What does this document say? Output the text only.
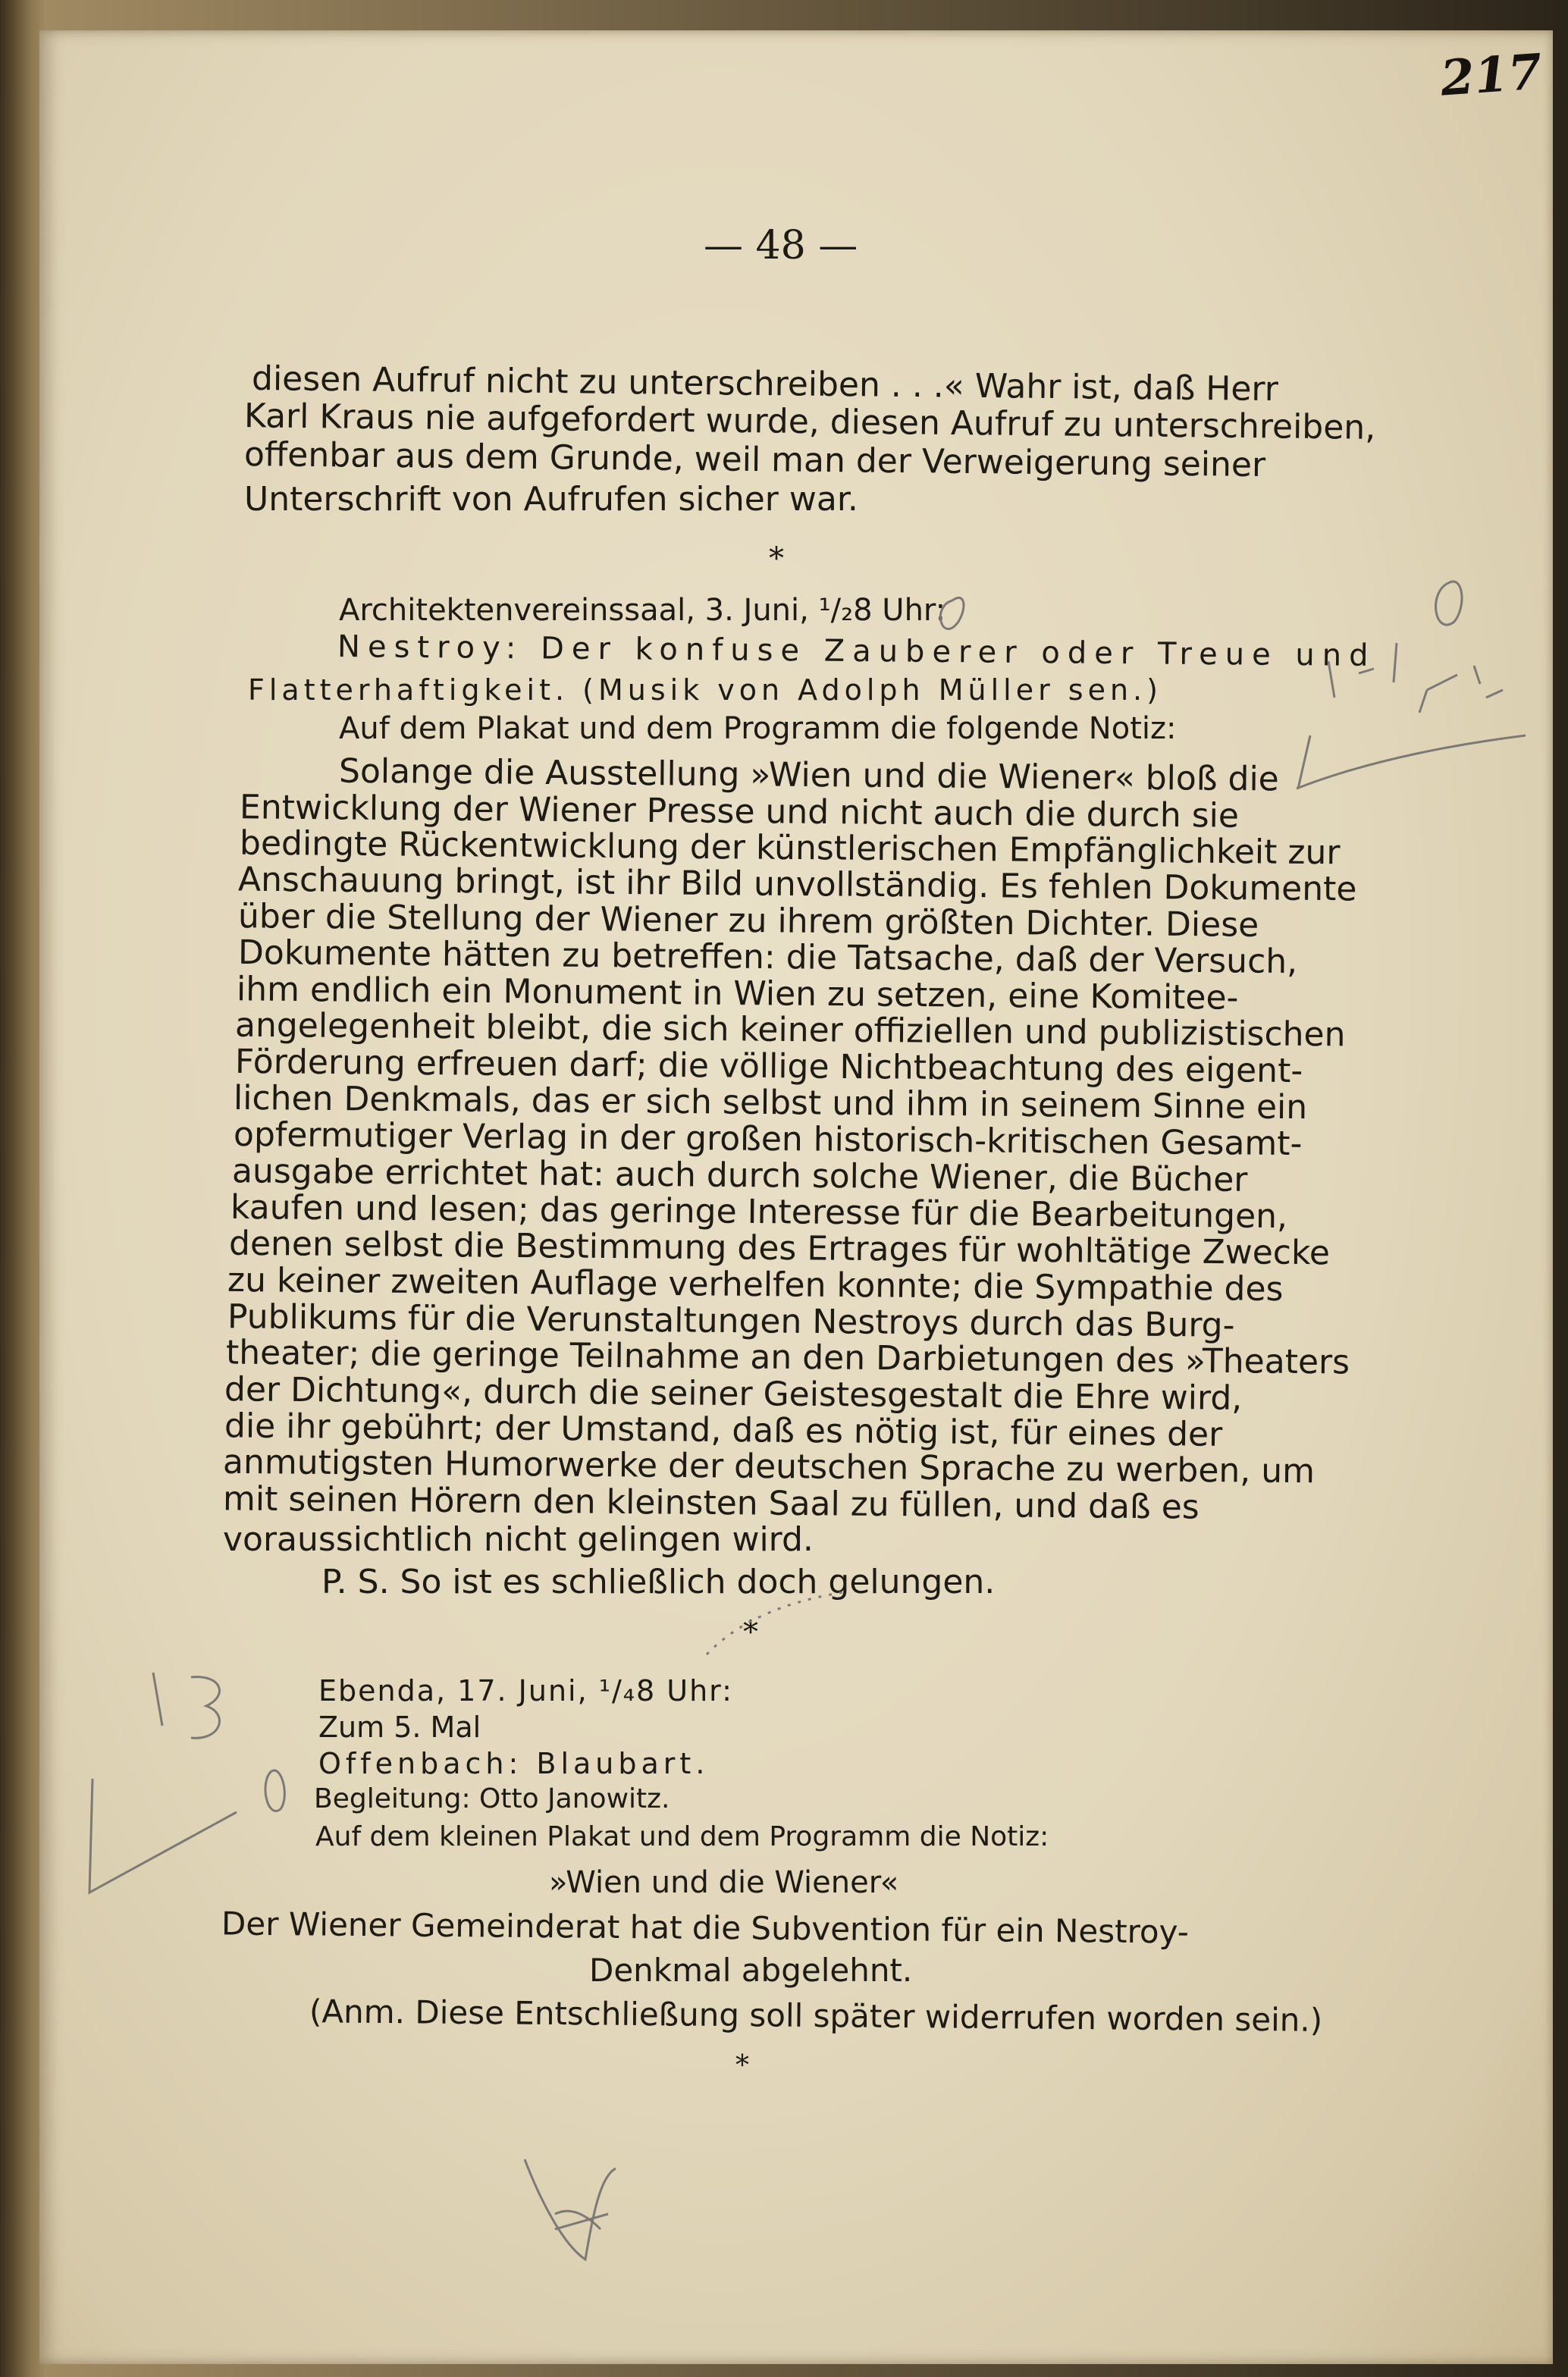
217
— 48 —
diesen Aufruf nicht zu unterschreiben . . .« Wahr ist, daß Herr
Karl Kraus nie aufgefordert wurde, diesen Aufruf zu unterschreiben,
offenbar aus dem Grunde, weil man der Verweigerung seiner
Unterschrift von Aufrufen sicher war.
*
Architektenvereinssaal, 3. Juni, ¹/₂8 Uhr:
Nestroy: Der konfuse Zauberer oder Treue und
Flatterhaftigkeit. (Musik von Adolph Müller sen.)
Auf dem Plakat und dem Programm die folgende Notiz:
Solange die Ausstellung »Wien und die Wiener« bloß die
Entwicklung der Wiener Presse und nicht auch die durch sie
bedingte Rückentwicklung der künstlerischen Empfänglichkeit zur
Anschauung bringt, ist ihr Bild unvollständig. Es fehlen Dokumente
über die Stellung der Wiener zu ihrem größten Dichter. Diese
Dokumente hätten zu betreffen: die Tatsache, daß der Versuch,
ihm endlich ein Monument in Wien zu setzen, eine Komitee-
angelegenheit bleibt, die sich keiner offiziellen und publizistischen
Förderung erfreuen darf; die völlige Nichtbeachtung des eigent-
lichen Denkmals, das er sich selbst und ihm in seinem Sinne ein
opfermutiger Verlag in der großen historisch-kritischen Gesamt-
ausgabe errichtet hat: auch durch solche Wiener, die Bücher
kaufen und lesen; das geringe Interesse für die Bearbeitungen,
denen selbst die Bestimmung des Ertrages für wohltätige Zwecke
zu keiner zweiten Auflage verhelfen konnte; die Sympathie des
Publikums für die Verunstaltungen Nestroys durch das Burg-
theater; die geringe Teilnahme an den Darbietungen des »Theaters
der Dichtung«, durch die seiner Geistesgestalt die Ehre wird,
die ihr gebührt; der Umstand, daß es nötig ist, für eines der
anmutigsten Humorwerke der deutschen Sprache zu werben, um
mit seinen Hörern den kleinsten Saal zu füllen, und daß es
voraussichtlich nicht gelingen wird.
P. S. So ist es schließlich doch gelungen.
*
Ebenda, 17. Juni, ¹/₄8 Uhr:
Zum 5. Mal
Offenbach: Blaubart.
Begleitung: Otto Janowitz.
Auf dem kleinen Plakat und dem Programm die Notiz:
»Wien und die Wiener«
Der Wiener Gemeinderat hat die Subvention für ein Nestroy-
Denkmal abgelehnt.
(Anm. Diese Entschließung soll später widerrufen worden sein.)
*
